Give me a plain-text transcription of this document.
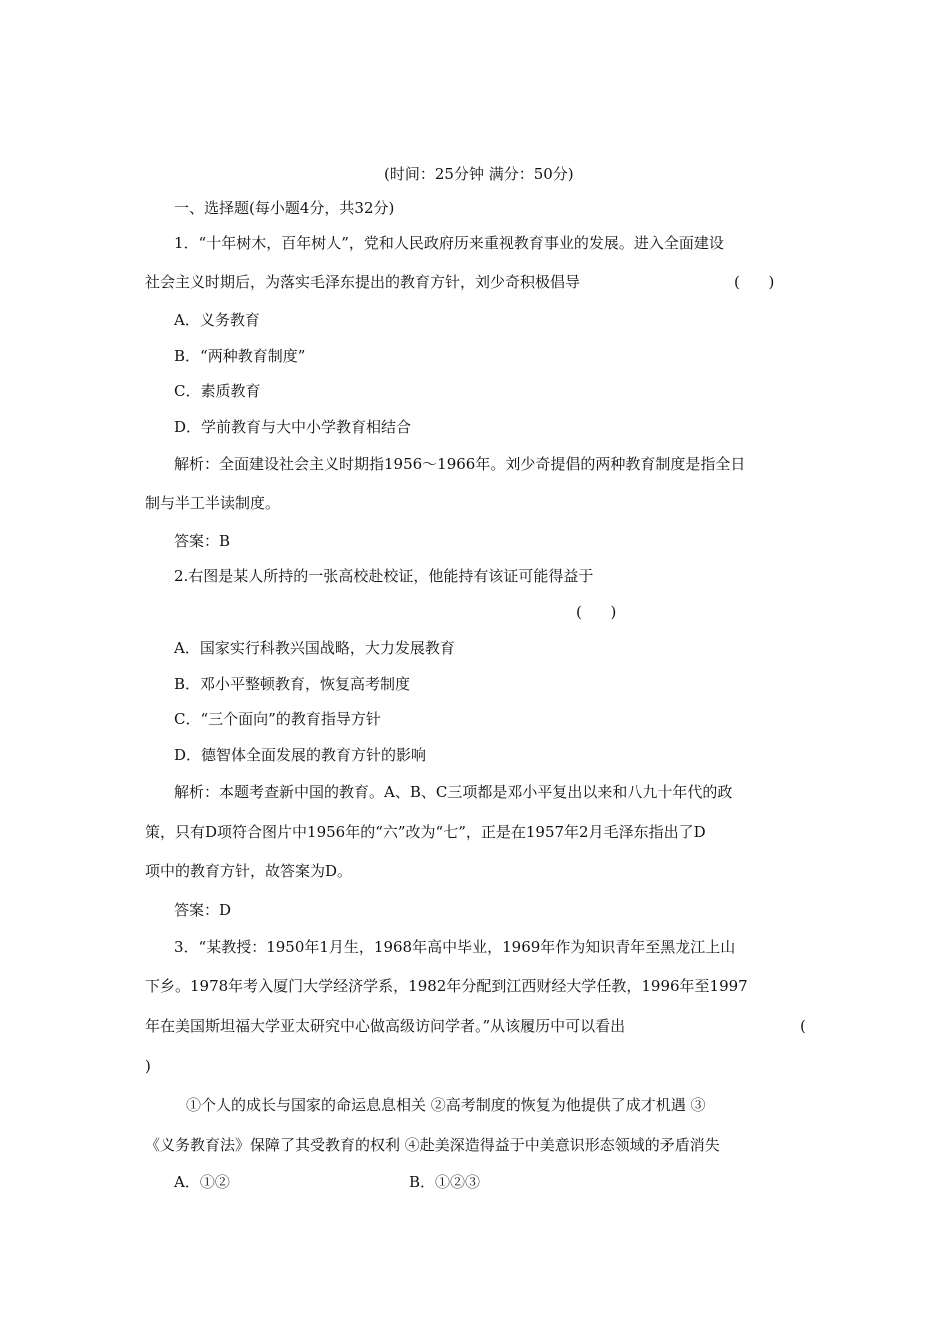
(时间：25分钟 满分：50分)
一、选择题(每小题4分，共32分)
1．“十年树木，百年树人”，党和人民政府历来重视教育事业的发展。进入全面建设
社会主义时期后，为落实毛泽东提出的教育方针，刘少奇积极倡导	(      )
A．义务教育
B．“两种教育制度”
C．素质教育
D．学前教育与大中小学教育相结合
解析：全面建设社会主义时期指1956～1966年。刘少奇提倡的两种教育制度是指全日
制与半工半读制度。
答案：B
2.右图是某人所持的一张高校赴校证，他能持有该证可能得益于
(      )
A．国家实行科教兴国战略，大力发展教育
B．邓小平整顿教育，恢复高考制度
C．“三个面向”的教育指导方针
D．德智体全面发展的教育方针的影响
解析：本题考查新中国的教育。A、B、C三项都是邓小平复出以来和八九十年代的政
策，只有D项符合图片中1956年的“六”改为“七”，正是在1957年2月毛泽东指出了D
项中的教育方针，故答案为D。
答案：D
3．“某教授：1950年1月生，1968年高中毕业，1969年作为知识青年至黑龙江上山
下乡。1978年考入厦门大学经济学系，1982年分配到江西财经大学任教，1996年至1997
年在美国斯坦福大学亚太研究中心做高级访问学者。”从该履历中可以看出	(
)
①个人的成长与国家的命运息息相关 ②高考制度的恢复为他提供了成才机遇 ③
《义务教育法》保障了其受教育的权利 ④赴美深造得益于中美意识形态领域的矛盾消失
A．①②	B．①②③
